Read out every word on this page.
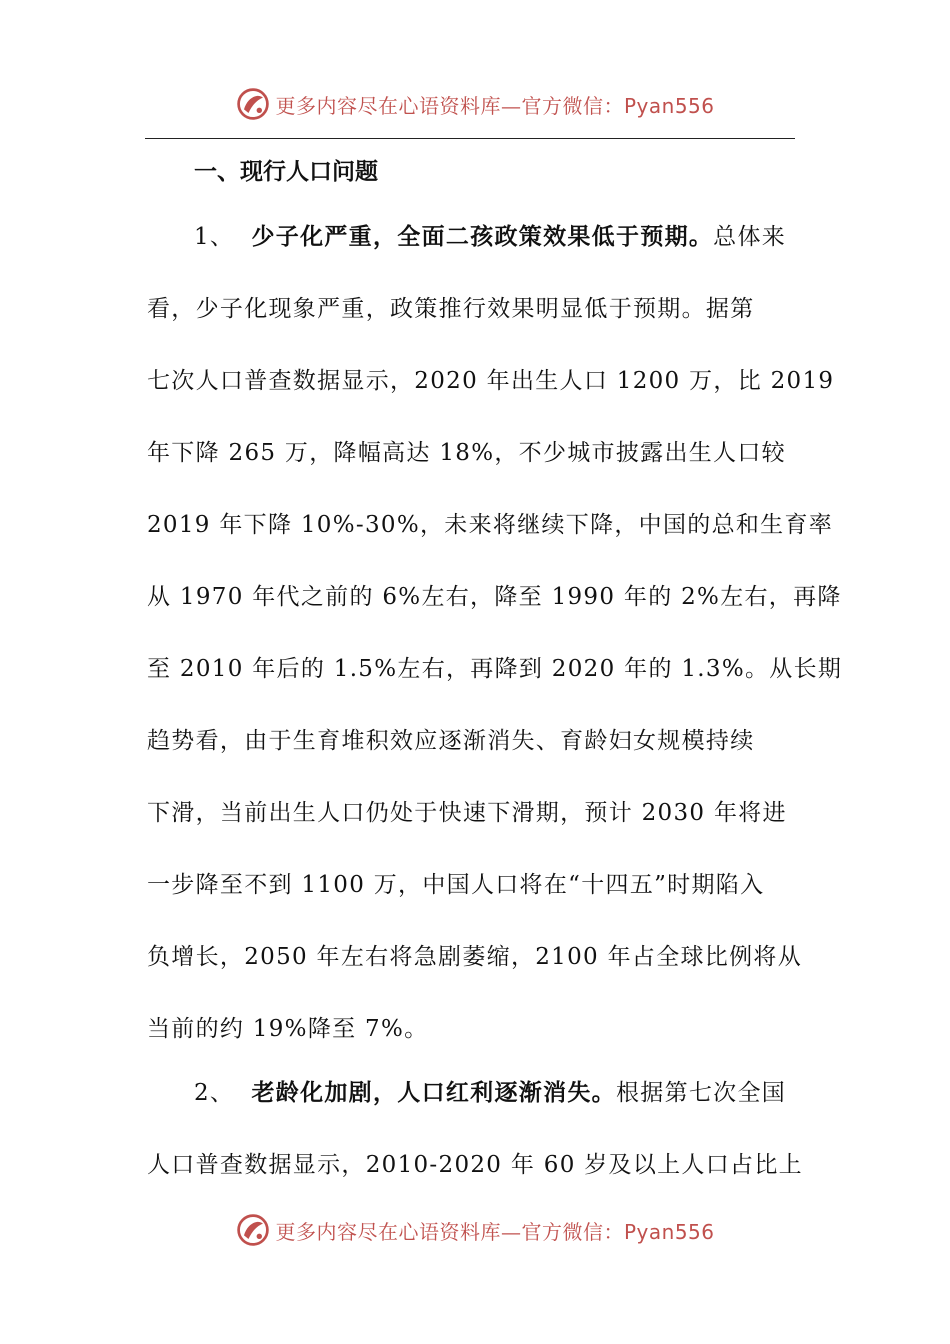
更多内容尽在心语资料库—官方微信：Pyan556
一、现行人口问题
1、 少子化严重，全面二孩政策效果低于预期。总体来
看，少子化现象严重，政策推行效果明显低于预期。据第
七次人口普查数据显示，2020 年出生人口 1200 万，比 2019
年下降 265 万，降幅高达 18%，不少城市披露出生人口较
2019 年下降 10%-30%，未来将继续下降，中国的总和生育率
从 1970 年代之前的 6%左右，降至 1990 年的 2%左右，再降
至 2010 年后的 1.5%左右，再降到 2020 年的 1.3%。从长期
趋势看，由于生育堆积效应逐渐消失、育龄妇女规模持续
下滑，当前出生人口仍处于快速下滑期，预计 2030 年将进
一步降至不到 1100 万，中国人口将在“十四五”时期陷入
负增长，2050 年左右将急剧萎缩，2100 年占全球比例将从
当前的约 19%降至 7%。
2、 老龄化加剧，人口红利逐渐消失。根据第七次全国
人口普查数据显示，2010-2020 年 60 岁及以上人口占比上
更多内容尽在心语资料库—官方微信：Pyan556
